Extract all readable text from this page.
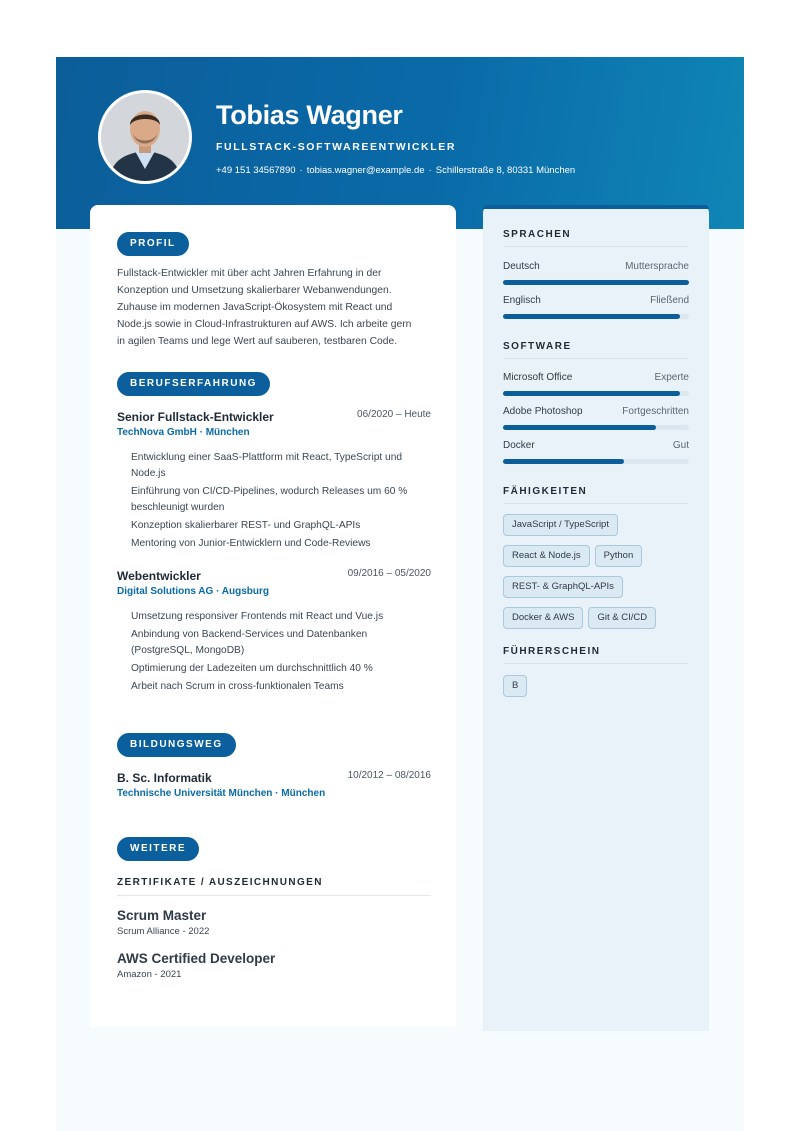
Tobias Wagner
FULLSTACK-SOFTWAREENTWICKLER
+49 151 34567890 · tobias.wagner@example.de · Schillerstraße 8, 80331 München
PROFIL

Fullstack-Entwickler mit über acht Jahren Erfahrung in der Konzeption und Umsetzung skalierbarer Webanwendungen. Zuhause im modernen JavaScript-Ökosystem mit React und Node.js sowie in Cloud-Infrastrukturen auf AWS. Ich arbeite gern in agilen Teams und lege Wert auf sauberen, testbaren Code.

BERUFSERFAHRUNG
Senior Fullstack-Entwickler	06/2020 – Heute
TechNova GmbH · München
Entwicklung einer SaaS-Plattform mit React, TypeScript und Node.js
Einführung von CI/CD-Pipelines, wodurch Releases um 60 % beschleunigt wurden
Konzeption skalierbarer REST- und GraphQL-APIs
Mentoring von Junior-Entwicklern und Code-Reviews
Webentwickler	09/2016 – 05/2020
Digital Solutions AG · Augsburg
Umsetzung responsiver Frontends mit React und Vue.js
Anbindung von Backend-Services und Datenbanken (PostgreSQL, MongoDB)
Optimierung der Ladezeiten um durchschnittlich 40 %
Arbeit nach Scrum in cross-funktionalen Teams
BILDUNGSWEG
B. Sc. Informatik	10/2012 – 08/2016
Technische Universität München · München
WEITERE
ZERTIFIKATE / AUSZEICHNUNGEN
Scrum Master
Scrum Alliance - 2022
AWS Certified Developer
Amazon - 2021
SPRACHEN
Deutsch	Muttersprache
Englisch	Fließend
SOFTWARE
Microsoft Office	Experte
Adobe Photoshop	Fortgeschritten
Docker	Gut
FÄHIGKEITEN
JavaScript / TypeScript
React & Node.js Python
REST- & GraphQL-APIs
Docker & AWS Git & CI/CD
FÜHRERSCHEIN
B
